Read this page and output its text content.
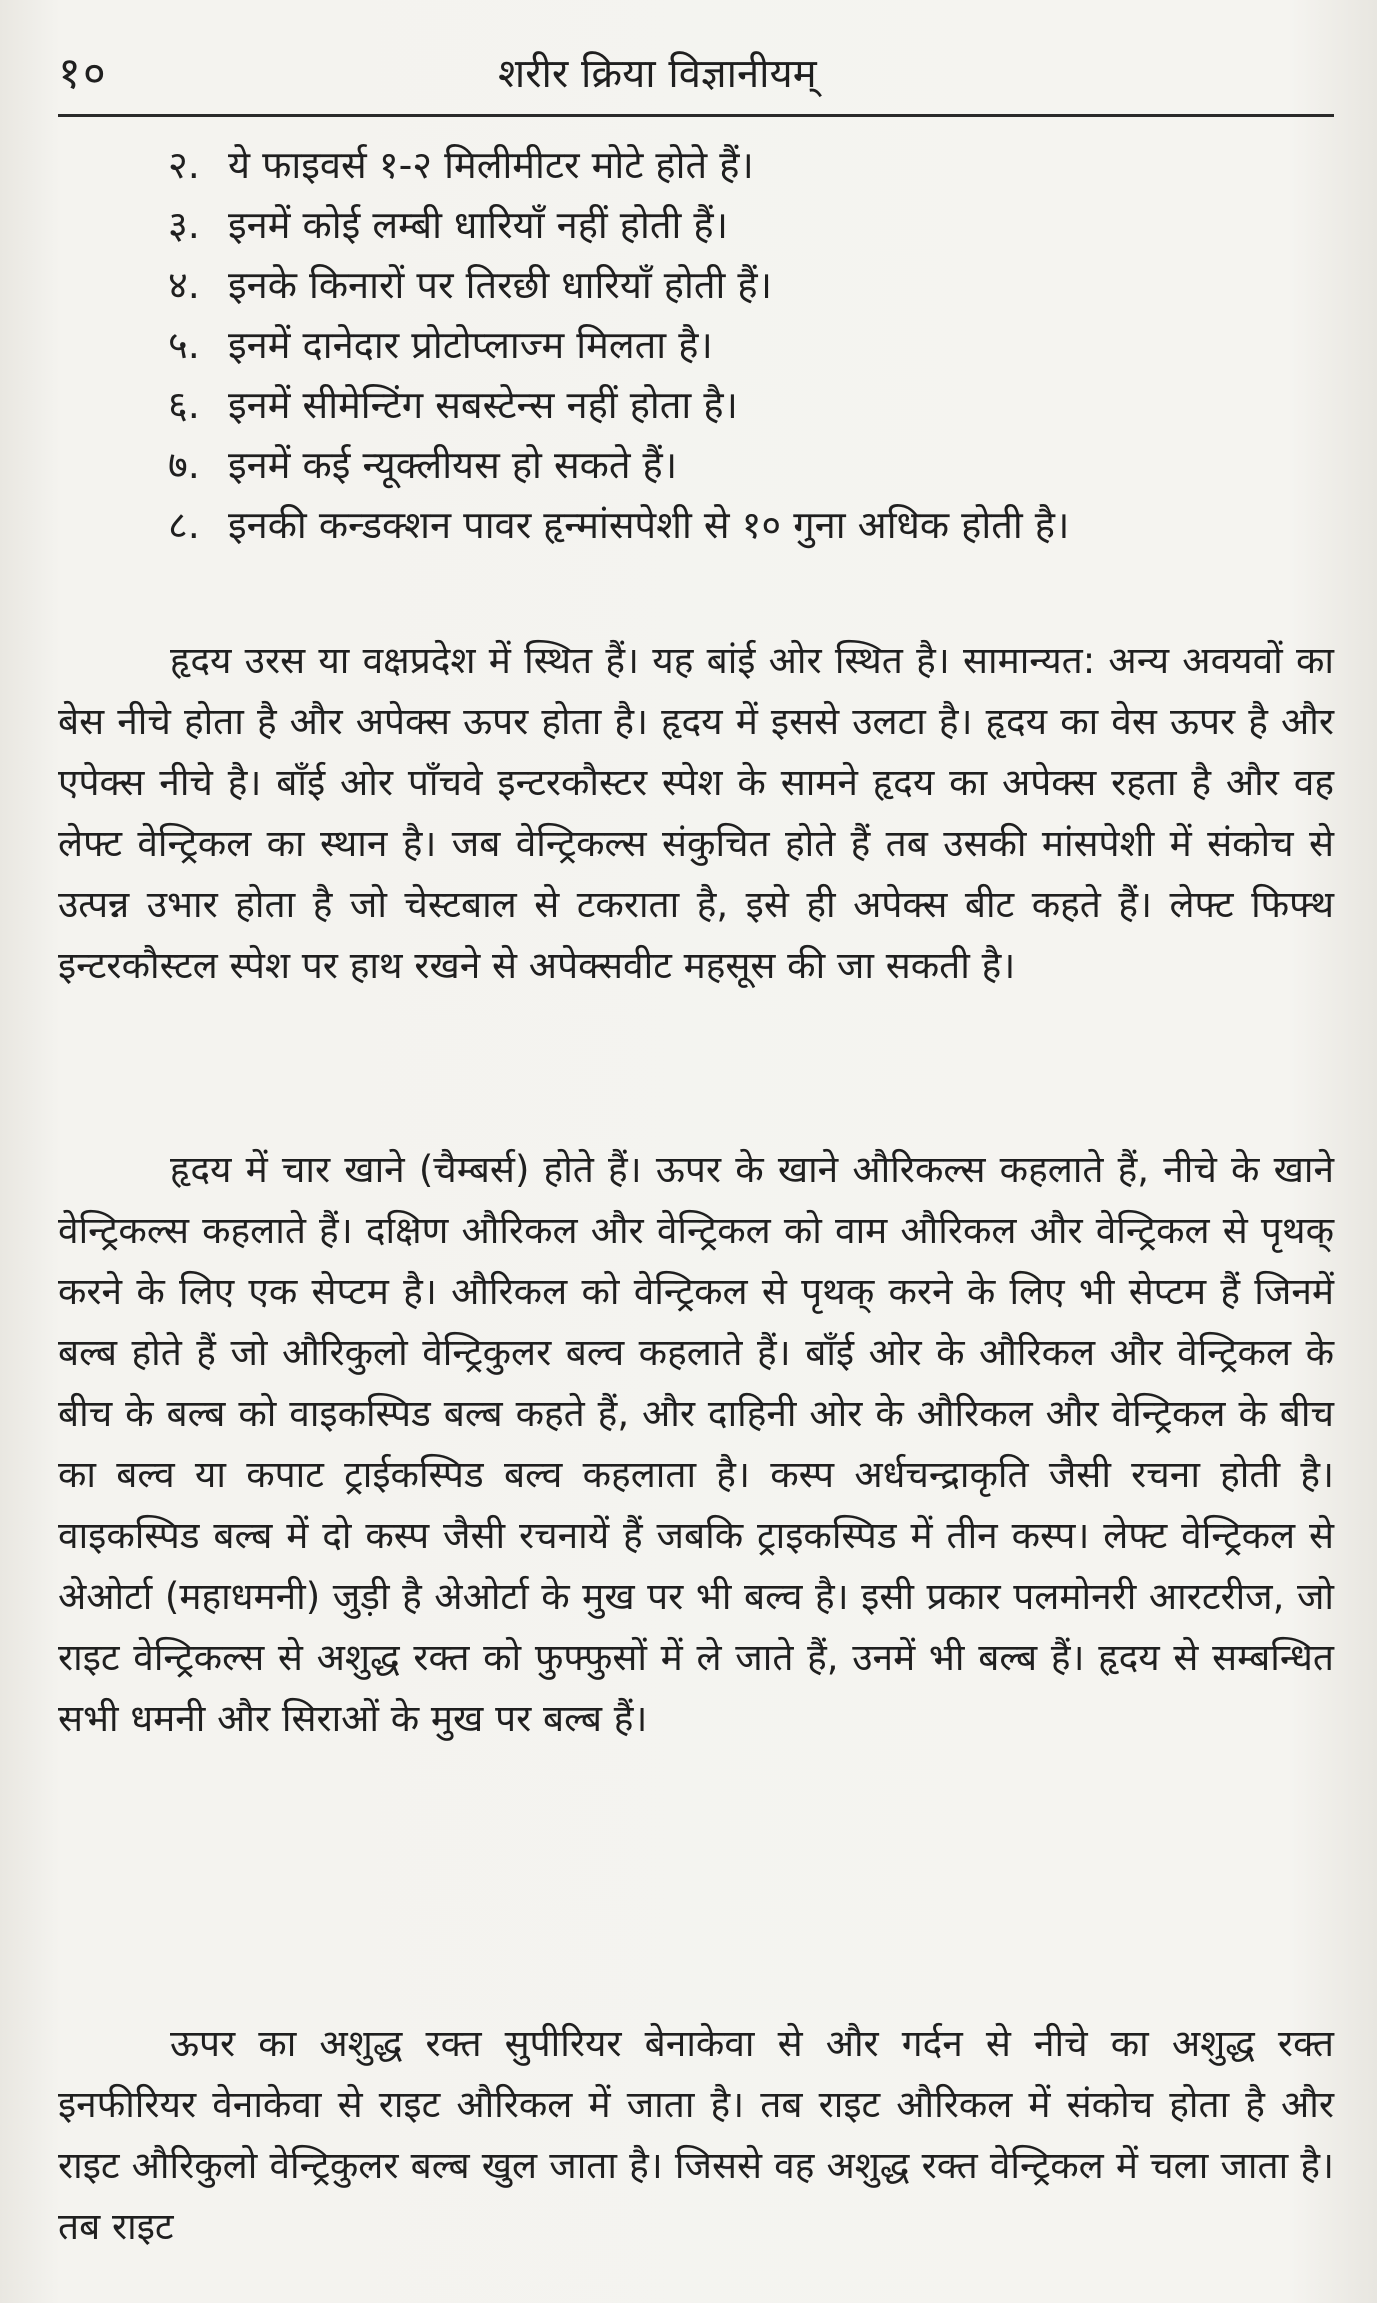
१०	शरीर क्रिया विज्ञानीयम्
२. ये फाइवर्स १-२ मिलीमीटर मोटे होते हैं।
३. इनमें कोई लम्बी धारियाँ नहीं होती हैं।
४. इनके किनारों पर तिरछी धारियाँ होती हैं।
५. इनमें दानेदार प्रोटोप्लाज्म मिलता है।
६. इनमें सीमेन्टिंग सबस्टेन्स नहीं होता है।
७. इनमें कई न्यूक्लीयस हो सकते हैं।
८. इनकी कन्डक्शन पावर हृन्मांसपेशी से १० गुना अधिक होती है।

हृदय उरस या वक्षप्रदेश में स्थित हैं। यह बांई ओर स्थित है। सामान्यत: अन्य अवयवों का बेस नीचे होता है और अपेक्स ऊपर होता है। हृदय में इससे उलटा है। हृदय का वेस ऊपर है और एपेक्स नीचे है। बाँई ओर पाँचवे इन्टरकौस्टर स्पेश के सामने हृदय का अपेक्स रहता है और वह लेफ्ट वेन्ट्रिकल का स्थान है। जब वेन्ट्रिकल्स संकुचित होते हैं तब उसकी मांसपेशी में संकोच से उत्पन्न उभार होता है जो चेस्टबाल से टकराता है, इसे ही अपेक्स बीट कहते हैं। लेफ्ट फिफ्थ इन्टरकौस्टल स्पेश पर हाथ रखने से अपेक्सवीट महसूस की जा सकती है।

हृदय में चार खाने (चैम्बर्स) होते हैं। ऊपर के खाने औरिकल्स कहलाते हैं, नीचे के खाने वेन्ट्रिकल्स कहलाते हैं। दक्षिण औरिकल और वेन्ट्रिकल को वाम औरिकल और वेन्ट्रिकल से पृथक् करने के लिए एक सेप्टम है। औरिकल को वेन्ट्रिकल से पृथक् करने के लिए भी सेप्टम हैं जिनमें बल्ब होते हैं जो औरिकुलो वेन्ट्रिकुलर बल्व कहलाते हैं। बाँई ओर के औरिकल और वेन्ट्रिकल के बीच के बल्ब को वाइकस्पिड बल्ब कहते हैं, और दाहिनी ओर के औरिकल और वेन्ट्रिकल के बीच का बल्व या कपाट ट्राईकस्पिड बल्व कहलाता है। कस्प अर्धचन्द्राकृति जैसी रचना होती है। वाइकस्पिड बल्ब में दो कस्प जैसी रचनायें हैं जबकि ट्राइकस्पिड में तीन कस्प। लेफ्ट वेन्ट्रिकल से अेओर्टा (महाधमनी) जुड़ी है अेओर्टा के मुख पर भी बल्व है। इसी प्रकार पलमोनरी आरटरीज, जो राइट वेन्ट्रिकल्स से अशुद्ध रक्त को फुफ्फुसों में ले जाते हैं, उनमें भी बल्ब हैं। हृदय से सम्बन्धित सभी धमनी और सिराओं के मुख पर बल्ब हैं।

ऊपर का अशुद्ध रक्त सुपीरियर बेनाकेवा से और गर्दन से नीचे का अशुद्ध रक्त इनफीरियर वेनाकेवा से राइट औरिकल में जाता है। तब राइट औरिकल में संकोच होता है और राइट औरिकुलो वेन्ट्रिकुलर बल्ब खुल जाता है। जिससे वह अशुद्ध रक्त वेन्ट्रिकल में चला जाता है। तब राइट
